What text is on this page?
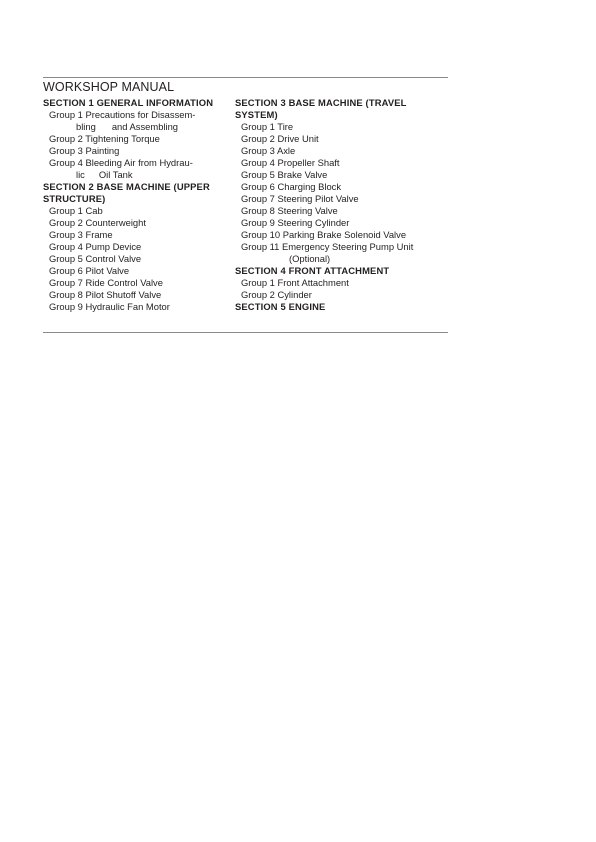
WORKSHOP MANUAL
SECTION 1 GENERAL INFORMATION
Group 1 Precautions for Disassem-
bling and Assembling
Group 2 Tightening Torque
Group 3 Painting
Group 4 Bleeding Air from Hydrau-
lic Oil Tank
SECTION 2 BASE MACHINE (UPPER
STRUCTURE)
Group 1 Cab
Group 2 Counterweight
Group 3 Frame
Group 4 Pump Device
Group 5 Control Valve
Group 6 Pilot Valve
Group 7 Ride Control Valve
Group 8 Pilot Shutoff Valve
Group 9 Hydraulic Fan Motor
SECTION 3 BASE MACHINE (TRAVEL
SYSTEM)
Group 1 Tire
Group 2 Drive Unit
Group 3 Axle
Group 4 Propeller Shaft
Group 5 Brake Valve
Group 6 Charging Block
Group 7 Steering Pilot Valve
Group 8 Steering Valve
Group 9 Steering Cylinder
Group 10 Parking Brake Solenoid Valve
Group 11 Emergency Steering Pump Unit
(Optional)
SECTION 4 FRONT ATTACHMENT
Group 1 Front Attachment
Group 2 Cylinder
SECTION 5 ENGINE
